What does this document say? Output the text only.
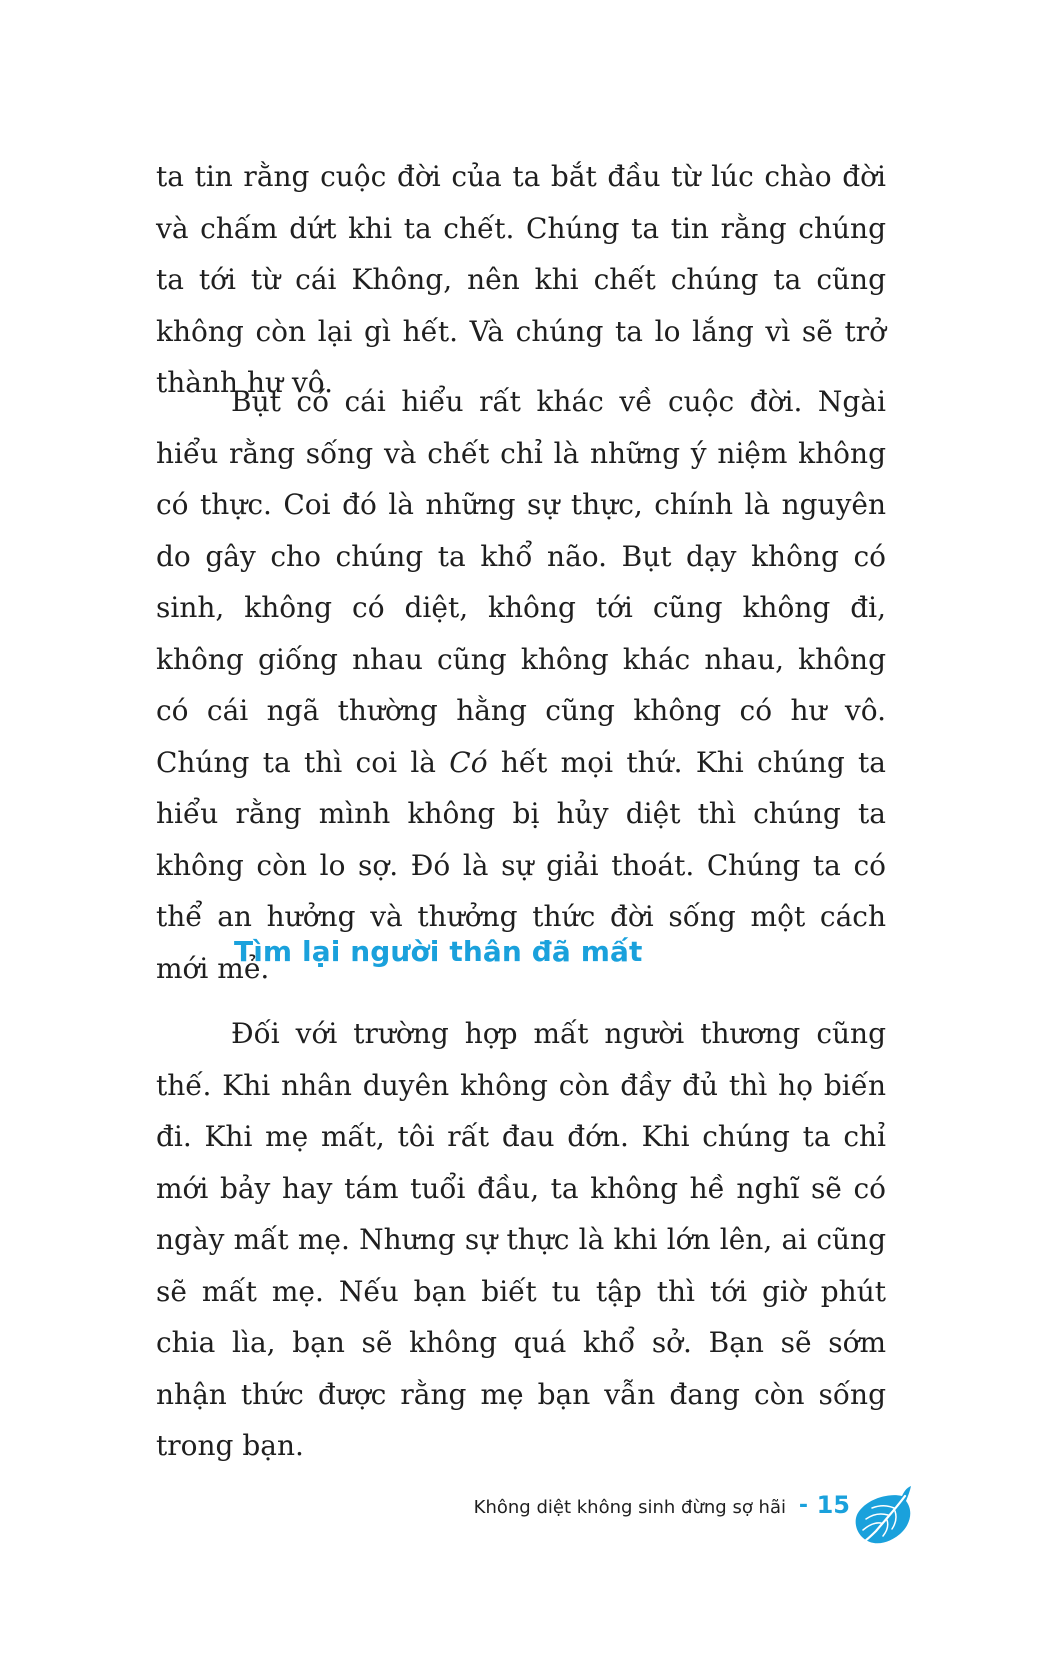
ta tin rằng cuộc đời của ta bắt đầu từ lúc chào đời và chấm dứt khi ta chết. Chúng ta tin rằng chúng ta tới từ cái Không, nên khi chết chúng ta cũng không còn lại gì hết. Và chúng ta lo lắng vì sẽ trở thành hư vô.

Bụt có cái hiểu rất khác về cuộc đời. Ngài hiểu rằng sống và chết chỉ là những ý niệm không có thực. Coi đó là những sự thực, chính là nguyên do gây cho chúng ta khổ não. Bụt dạy không có sinh, không có diệt, không tới cũng không đi, không giống nhau cũng không khác nhau, không có cái ngã thường hằng cũng không có hư vô. Chúng ta thì coi là Có hết mọi thứ. Khi chúng ta hiểu rằng mình không bị hủy diệt thì chúng ta không còn lo sợ. Đó là sự giải thoát. Chúng ta có thể an hưởng và thưởng thức đời sống một cách mới mẻ.

Tìm lại người thân đã mất

Đối với trường hợp mất người thương cũng thế. Khi nhân duyên không còn đầy đủ thì họ biến đi. Khi mẹ mất, tôi rất đau đớn. Khi chúng ta chỉ mới bảy hay tám tuổi đầu, ta không hề nghĩ sẽ có ngày mất mẹ. Nhưng sự thực là khi lớn lên, ai cũng sẽ mất mẹ. Nếu bạn biết tu tập thì tới giờ phút chia lìa, bạn sẽ không quá khổ sở. Bạn sẽ sớm nhận thức được rằng mẹ bạn vẫn đang còn sống trong bạn.

Không diệt không sinh đừng sợ hãi - 15
